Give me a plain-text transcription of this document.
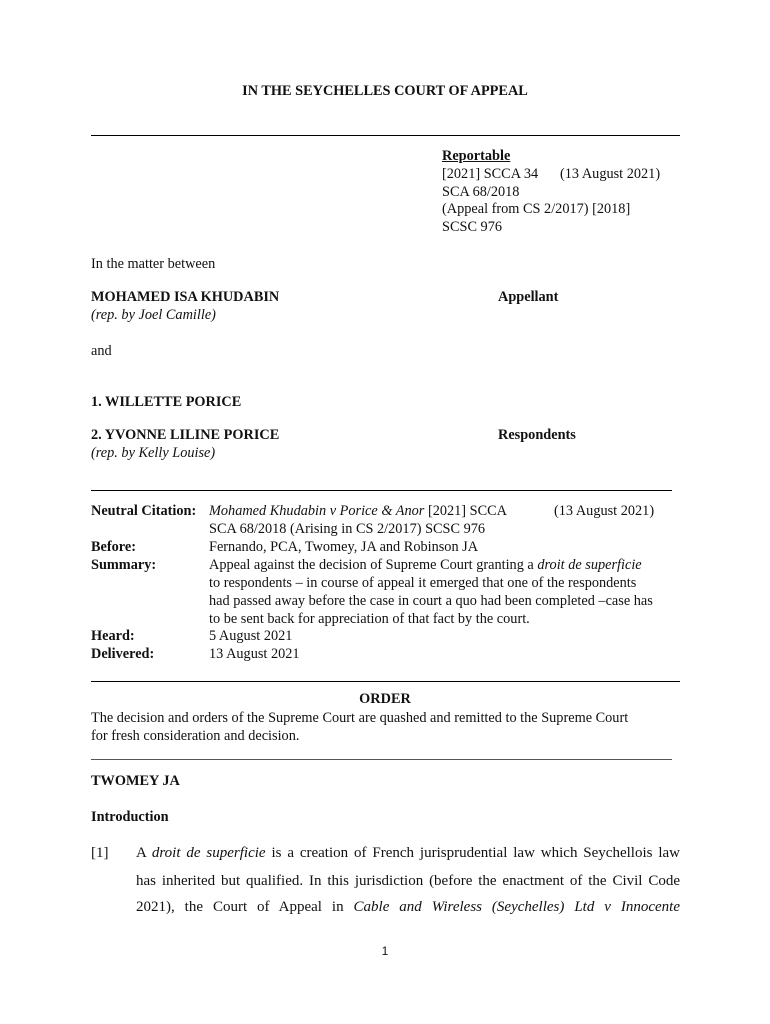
IN THE SEYCHELLES COURT OF APPEAL
Reportable
[2021] SCCA 34 (13 August 2021)
SCA 68/2018
(Appeal from CS 2/2017) [2018]
SCSC 976
In the matter between
MOHAMED ISA KHUDABIN	Appellant
(rep. by Joel Camille)
and
1. WILLETTE PORICE
2. YVONNE LILINE PORICE	Respondents
(rep. by Kelly Louise)
Neutral Citation: Mohamed Khudabin v Porice & Anor [2021] SCCA	(13 August 2021)
SCA 68/2018 (Arising in CS 2/2017) SCSC 976
Before:	Fernando, PCA, Twomey, JA and Robinson JA
Summary:	Appeal against the decision of Supreme Court granting a droit de superficie
to respondents – in course of appeal it emerged that one of the respondents
had passed away before the case in court a quo had been completed –case has
to be sent back for appreciation of that fact by the court.
Heard:	5 August 2021
Delivered:	13 August 2021
ORDER
The decision and orders of the Supreme Court are quashed and remitted to the Supreme Court
for fresh consideration and decision.
TWOMEY JA
Introduction
[1] A droit de superficie is a creation of French jurisprudential law which Seychellois law
has inherited but qualified. In this jurisdiction (before the enactment of the Civil Code
2021), the Court of Appeal in Cable and Wireless (Seychelles) Ltd v Innocente
1
